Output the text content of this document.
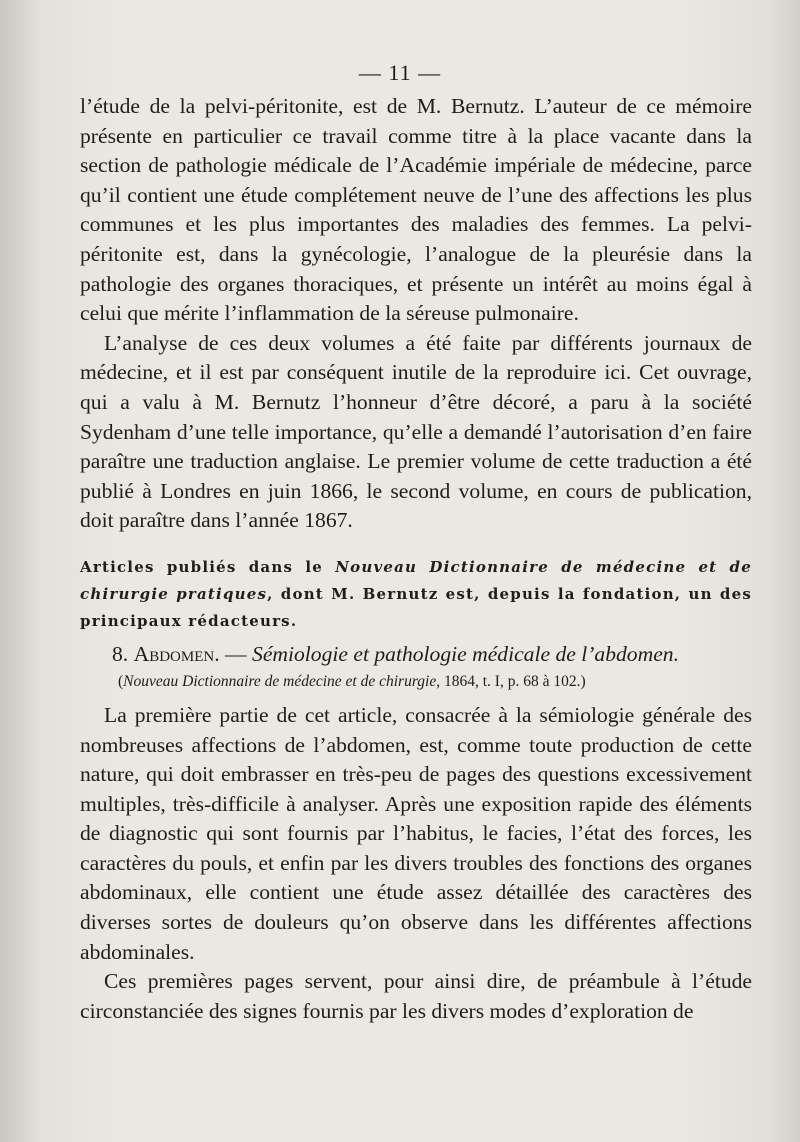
— 11 —

l’étude de la pelvi-péritonite, est de M. Bernutz. L’auteur de ce mémoire présente en particulier ce travail comme titre à la place vacante dans la section de pathologie médicale de l’Académie impériale de médecine, parce qu’il contient une étude complétement neuve de l’une des affections les plus communes et les plus importantes des maladies des femmes. La pelvi-péritonite est, dans la gynécologie, l’analogue de la pleurésie dans la pathologie des organes thoraciques, et présente un intérêt au moins égal à celui que mérite l’inflammation de la séreuse pulmonaire.

L’analyse de ces deux volumes a été faite par différents journaux de médecine, et il est par conséquent inutile de la reproduire ici. Cet ouvrage, qui a valu à M. Bernutz l’honneur d’être décoré, a paru à la société Sydenham d’une telle importance, qu’elle a demandé l’autorisation d’en faire paraître une traduction anglaise. Le premier volume de cette traduction a été publié à Londres en juin 1866, le second volume, en cours de publication, doit paraître dans l’année 1867.

Articles publiés dans le Nouveau Dictionnaire de médecine et de chirurgie pratiques, dont M. Bernutz est, depuis la fondation, un des principaux rédacteurs.
8. Abdomen. — Sémiologie et pathologie médicale de l’abdomen.
(Nouveau Dictionnaire de médecine et de chirurgie, 1864, t. I, p. 68 à 102.)

La première partie de cet article, consacrée à la sémiologie générale des nombreuses affections de l’abdomen, est, comme toute production de cette nature, qui doit embrasser en très-peu de pages des questions excessivement multiples, très-difficile à analyser. Après une exposition rapide des éléments de diagnostic qui sont fournis par l’habitus, le facies, l’état des forces, les caractères du pouls, et enfin par les divers troubles des fonctions des organes abdominaux, elle contient une étude assez détaillée des caractères des diverses sortes de douleurs qu’on observe dans les différentes affections abdominales.

Ces premières pages servent, pour ainsi dire, de préambule à l’étude circonstanciée des signes fournis par les divers modes d’exploration de
